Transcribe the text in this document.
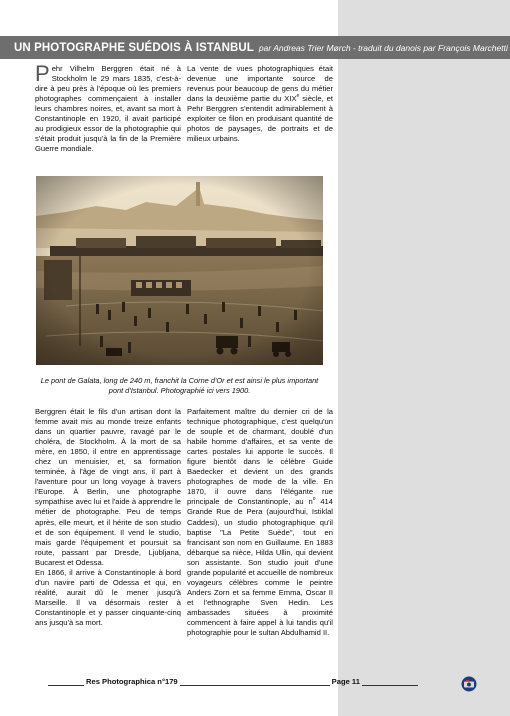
UN PHOTOGRAPHE SUÉDOIS À ISTANBUL par Andreas Trier Mørch - traduit du danois par François Marchetti

Pehr Vilhelm Berggren était né à Stockholm le 29 mars 1835, c'est-à-dire à peu près à l'époque où les premiers photographes commençaient à installer leurs chambres noires, et, avant sa mort à Constantinople en 1920, il avait participé au prodigieux essor de la photographie qui s'était produit jusqu'à la fin de la Première Guerre mondiale.

La vente de vues photographiques était devenue une importante source de revenus pour beaucoup de gens du métier dans la deuxième partie du XIXe siècle, et Pehr Berggren s'entendit admirablement à exploiter ce filon en produisant quantité de photos de paysages, de portraits et de milieux urbains.

Le pont de Galata, long de 240 m, franchit la Corne d'Or et est ainsi le plus important pont d'Istanbul. Photographié ici vers 1900.

Berggren était le fils d'un artisan dont la femme avait mis au monde treize enfants dans un quartier pauvre, ravagé par le choléra, de Stockholm. À la mort de sa mère, en 1850, il entre en apprentissage chez un menuisier, et, sa formation terminée, à l'âge de vingt ans, il part à l'aventure pour un long voyage à travers l'Europe. À Berlin, une photographe sympathise avec lui et l'aide à apprendre le métier de photographe. Peu de temps après, elle meurt, et il hérite de son studio et de son équipement. Il vend le studio, mais garde l'équipement et poursuit sa route, passant par Dresde, Ljubljana, Bucarest et Odessa.

En 1866, il arrive à Constantinople à bord d'un navire parti de Odessa et qui, en réalité, aurait dû le mener jusqu'à Marseille. Il va désormais rester à Constantinople et y passer cinquante-cinq ans jusqu'à sa mort.

Parfaitement maître du dernier cri de la technique photographique, c'est quelqu'un de souple et de charmant, doublé d'un habile homme d'affaires, et sa vente de cartes postales lui apporte le succès. Il figure bientôt dans le célèbre Guide Baedecker et devient un des grands photographes de mode de la ville. En 1870, il ouvre dans l'élégante rue principale de Constantinople, au $n^o$ 414 Grande Rue de Pera (aujourd'hui, Istiklal Caddesi), un studio photographique qu'il baptise "La Petite Suède", tout en francisant son nom en Guillaume. En 1883 débarque sa nièce, Hilda Ullin, qui devient son assistante. Son studio jouit d'une grande popularité et accueille de nombreux voyageurs célèbres comme le peintre Anders Zorn et sa femme Emma, Oscar II et l'ethnographe Sven Hedin. Les ambassades situées à proximité commencent à faire appel à lui tandis qu'il photographie pour le sultan Abdulhamid II.

Res Photographica n°179	Page 11
